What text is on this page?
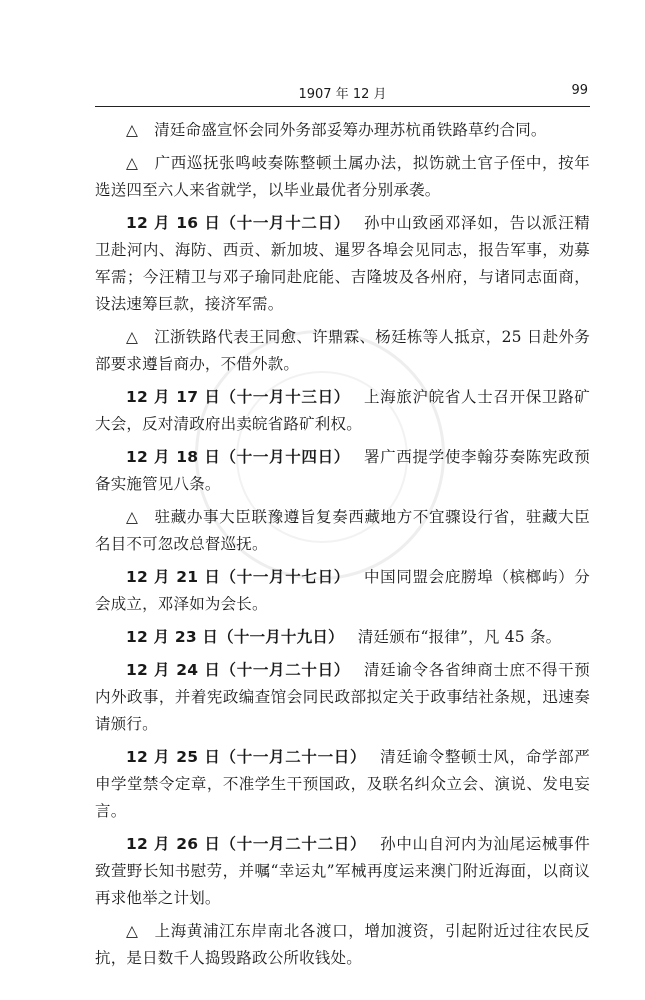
1907 年 12 月	99

△ 清廷命盛宣怀会同外务部妥筹办理苏杭甬铁路草约合同。

△ 广西巡抚张鸣岐奏陈整顿土属办法，拟饬就土官子侄中，按年选送四至六人来省就学，以毕业最优者分别承袭。

12 月 16 日（十一月十二日） 孙中山致函邓泽如，告以派汪精卫赴河内、海防、西贡、新加坡、暹罗各埠会见同志，报告军事，劝募军需；今汪精卫与邓子瑜同赴庇能、吉隆坡及各州府，与诸同志面商，设法速筹巨款，接济军需。

△ 江浙铁路代表王同愈、许鼎霖、杨廷栋等人抵京，25 日赴外务部要求遵旨商办，不借外款。

12 月 17 日（十一月十三日） 上海旅沪皖省人士召开保卫路矿大会，反对清政府出卖皖省路矿利权。

12 月 18 日（十一月十四日） 署广西提学使李翰芬奏陈宪政预备实施管见八条。

△ 驻藏办事大臣联豫遵旨复奏西藏地方不宜骤设行省，驻藏大臣名目不可忽改总督巡抚。

12 月 21 日（十一月十七日） 中国同盟会庇朥埠（槟榔屿）分会成立，邓泽如为会长。

12 月 23 日（十一月十九日） 清廷颁布“报律”，凡 45 条。

12 月 24 日（十一月二十日） 清廷谕令各省绅商士庶不得干预内外政事，并着宪政编查馆会同民政部拟定关于政事结社条规，迅速奏请颁行。

12 月 25 日（十一月二十一日） 清廷谕令整顿士风，命学部严申学堂禁令定章，不准学生干预国政，及联名纠众立会、演说、发电妄言。

12 月 26 日（十一月二十二日） 孙中山自河内为汕尾运械事件致萱野长知书慰劳，并嘱“幸运丸”军械再度运来澳门附近海面，以商议再求他举之计划。

△ 上海黄浦江东岸南北各渡口，增加渡资，引起附近过往农民反抗，是日数千人捣毁路政公所收钱处。
